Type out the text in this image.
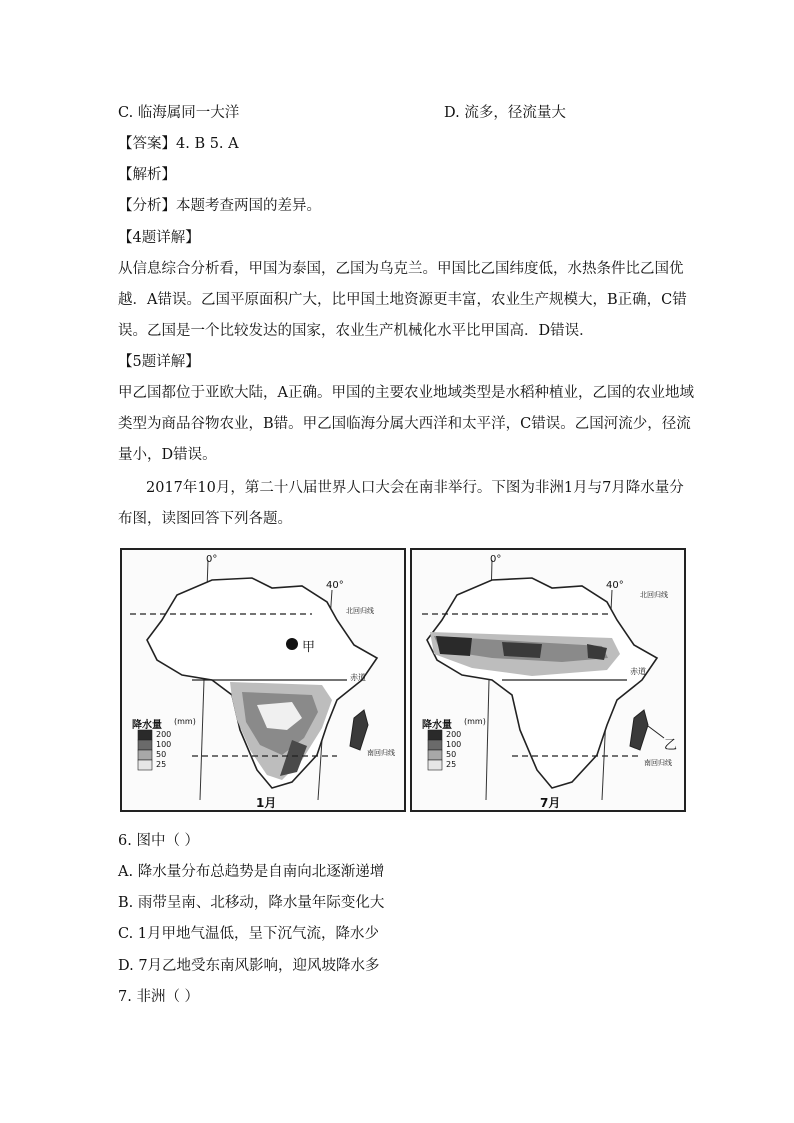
C. 临海属同一大洋	D. 流多，径流量大
【答案】4. B 5. A
【解析】
【分析】本题考查两国的差异。
【4题详解】
从信息综合分析看，甲国为泰国，乙国为乌克兰。甲国比乙国纬度低，水热条件比乙国优
越．A错误。乙国平原面积广大，比甲国土地资源更丰富，农业生产规模大，B正确，C错
误。乙国是一个比较发达的国家，农业生产机械化水平比甲国高．D错误．
【5题详解】
甲乙国都位于亚欧大陆，A正确。甲国的主要农业地域类型是水稻种植业，乙国的农业地域
类型为商品谷物农业，B错。甲乙国临海分属大西洋和太平洋，C错误。乙国河流少，径流
量小，D错误。
2017年10月，第二十八届世界人口大会在南非举行。下图为非洲1月与7月降水量分
布图，读图回答下列各题。
0°
40°
北回归线
赤道
南回归线
甲
降水量 (mm)
200
100
50
25
1月
0°
40°
北回归线
赤道
南回归线
乙
降水量 (mm)
200
100
50
25
7月
6. 图中（ ）
A. 降水量分布总趋势是自南向北逐渐递增
B. 雨带呈南、北移动，降水量年际变化大
C. 1月甲地气温低，呈下沉气流，降水少
D. 7月乙地受东南风影响，迎风坡降水多
7. 非洲（ ）
